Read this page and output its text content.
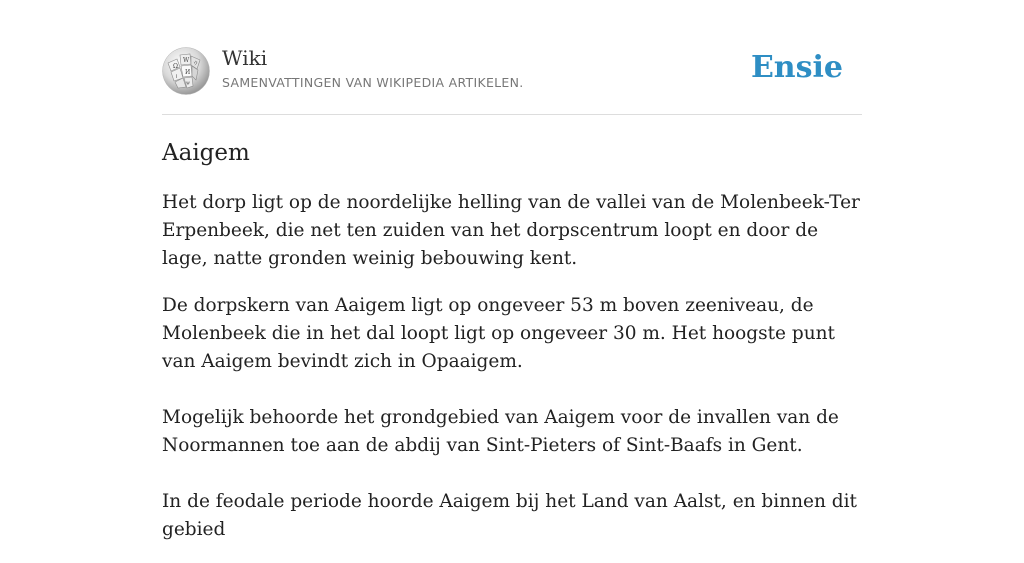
Ω
W
И
ا
ウ
ψ
Wiki
SAMENVATTINGEN VAN WIKIPEDIA ARTIKELEN.	Ensie
Aaigem

Het dorp ligt op de noordelijke helling van de vallei van de Molenbeek-Ter Erpenbeek, die net ten zuiden van het dorpscentrum loopt en door de lage, natte gronden weinig bebouwing kent.

De dorpskern van Aaigem ligt op ongeveer 53 m boven zeeniveau, de Molenbeek die in het dal loopt ligt op ongeveer 30 m. Het hoogste punt van Aaigem bevindt zich in Opaaigem.

Mogelijk behoorde het grondgebied van Aaigem voor de invallen van de Noormannen toe aan de abdij van Sint-Pieters of Sint-Baafs in Gent.

In de feodale periode hoorde Aaigem bij het Land van Aalst, en binnen dit gebied
